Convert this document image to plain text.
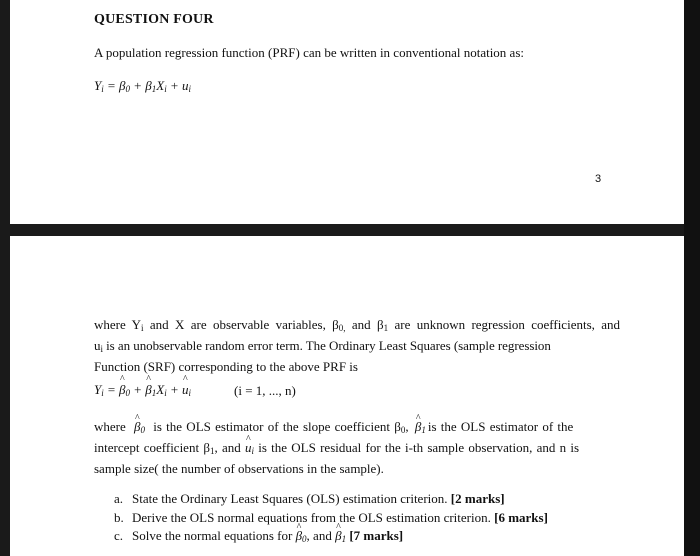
QUESTION FOUR
A population regression function (PRF) can be written in conventional notation as:
$Y_i = \beta_0 + \beta_1X_i + u_i$
3
where $Y_i$ and X are observable variables, $\beta_{0,}$ and $\beta_1$ are unknown regression coefficients, and
$u_i$ is an unobservable random error term. The Ordinary Least Squares (sample regression
Function (SRF) corresponding to the above PRF is
$Y_i$ = ^ $\beta_0$ + ^ $\beta_1X_i$ + ^ $u_i$	(i = 1, ..., n)
where ^ $\beta_0$ is the OLS estimator of the slope coefficient $\beta_0$, ^ $\beta_1$ is the OLS estimator of the
intercept coefficient $\beta_1$, and ^ $u_i$ is the OLS residual for the i-th sample observation, and n is
sample size( the number of observations in the sample).
a. State the Ordinary Least Squares (OLS) estimation criterion. [2 marks]
b. Derive the OLS normal equations from the OLS estimation criterion. [6 marks]
c. Solve the normal equations for ^ $\beta_0$, and ^ $\beta_1$ [7 marks]
